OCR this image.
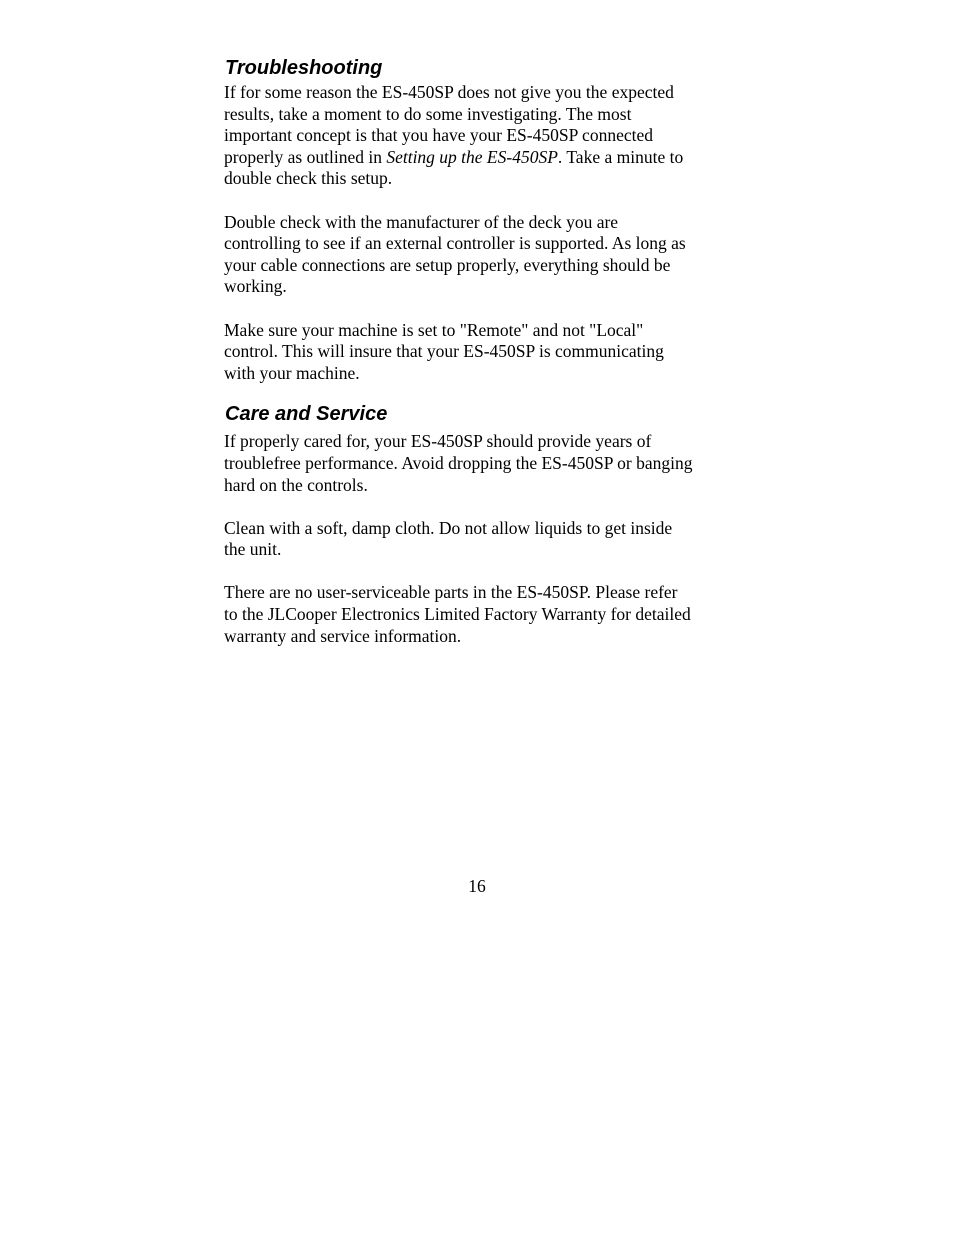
Troubleshooting

If for some reason the ES-450SP does not give you the expected
results, take a moment to do some investigating. The most
important concept is that you have your ES-450SP connected
properly as outlined in Setting up the ES-450SP. Take a minute to
double check this setup.

Double check with the manufacturer of the deck you are
controlling to see if an external controller is supported. As long as
your cable connections are setup properly, everything should be
working.

Make sure your machine is set to "Remote" and not "Local"
control. This will insure that your ES-450SP is communicating
with your machine.

Care and Service

If properly cared for, your ES-450SP should provide years of
troublefree performance. Avoid dropping the ES-450SP or banging
hard on the controls.

Clean with a soft, damp cloth. Do not allow liquids to get inside
the unit.

There are no user-serviceable parts in the ES-450SP. Please refer
to the JLCooper Electronics Limited Factory Warranty for detailed
warranty and service information.

16
